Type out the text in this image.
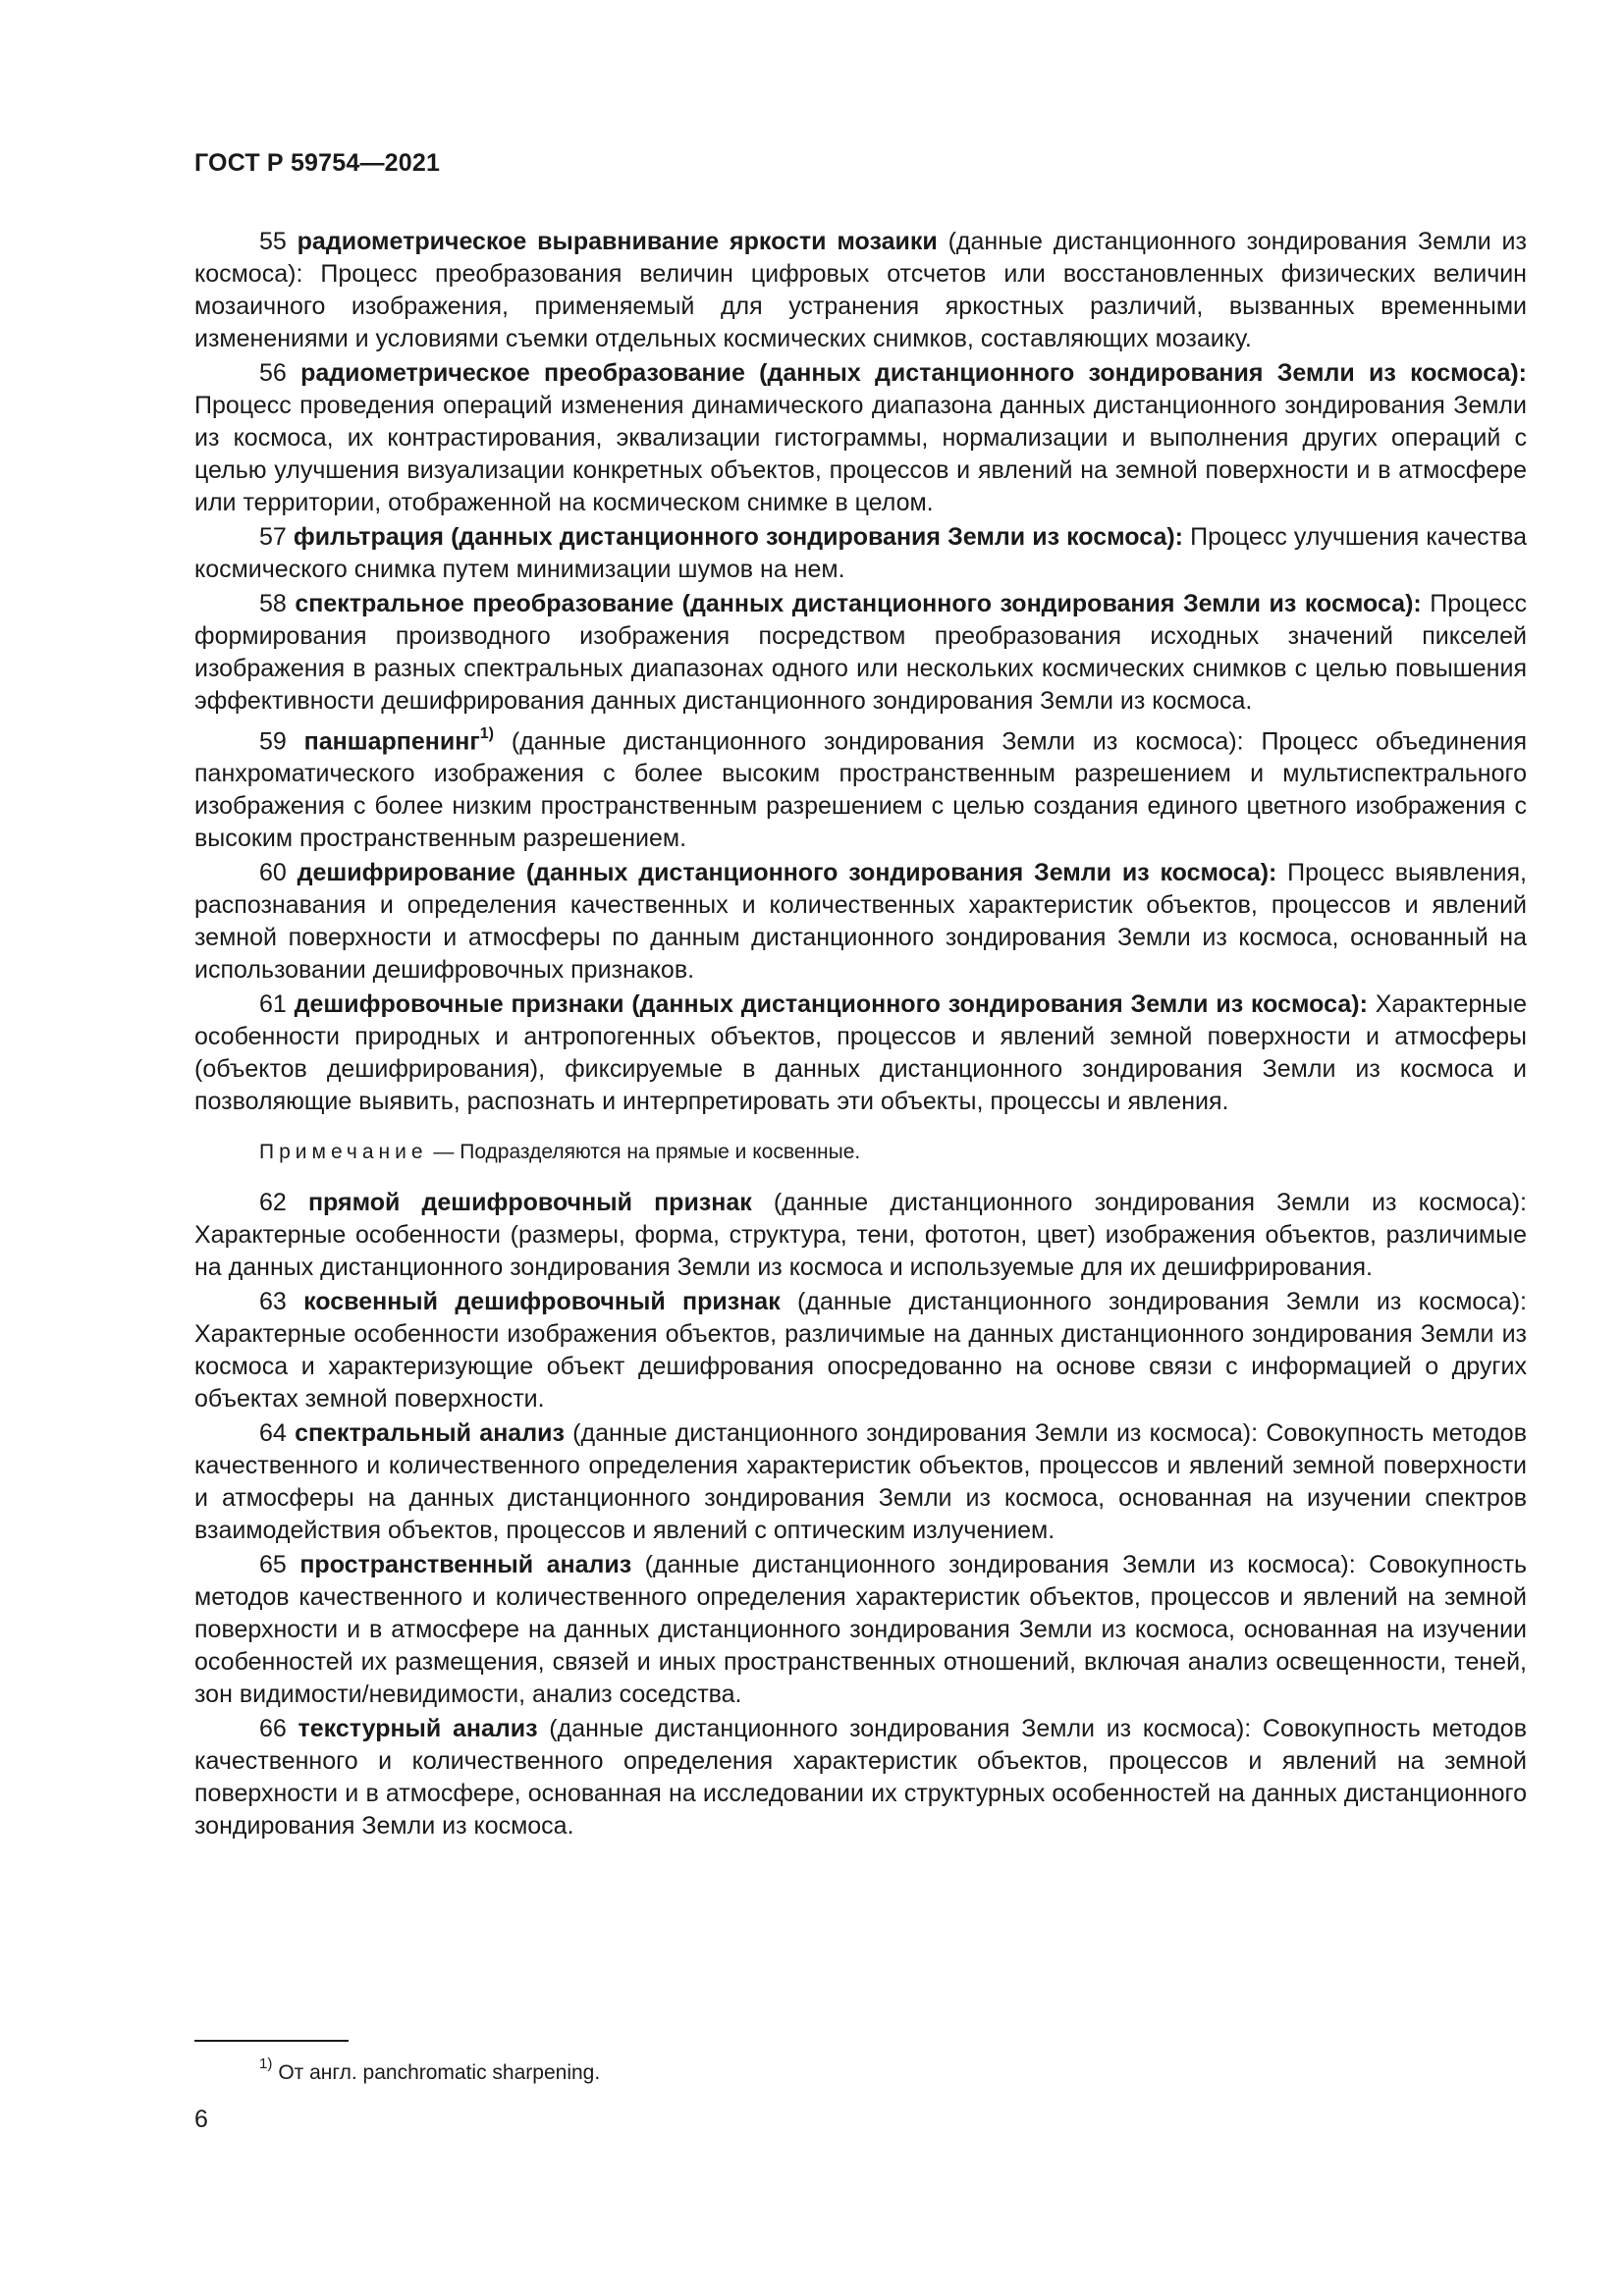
ГОСТ Р 59754—2021

55 радиометрическое выравнивание яркости мозаики (данные дистанционного зондирования Земли из космоса): Процесс преобразования величин цифровых отсчетов или восстановленных физических величин мозаичного изображения, применяемый для устранения яркостных различий, вызванных временными изменениями и условиями съемки отдельных космических снимков, составляющих мозаику.

56 радиометрическое преобразование (данных дистанционного зондирования Земли из космоса): Процесс проведения операций изменения динамического диапазона данных дистанционного зондирования Земли из космоса, их контрастирования, эквализации гистограммы, нормализации и выполнения других операций с целью улучшения визуализации конкретных объектов, процессов и явлений на земной поверхности и в атмосфере или территории, отображенной на космическом снимке в целом.

57 фильтрация (данных дистанционного зондирования Земли из космоса): Процесс улучшения качества космического снимка путем минимизации шумов на нем.

58 спектральное преобразование (данных дистанционного зондирования Земли из космоса): Процесс формирования производного изображения посредством преобразования исходных значений пикселей изображения в разных спектральных диапазонах одного или нескольких космических снимков с целью повышения эффективности дешифрирования данных дистанционного зондирования Земли из космоса.

59 паншарпенинг$^{1)}$ (данные дистанционного зондирования Земли из космоса): Процесс объединения панхроматического изображения с более высоким пространственным разрешением и мультиспектрального изображения с более низким пространственным разрешением с целью создания единого цветного изображения с высоким пространственным разрешением.

60 дешифрирование (данных дистанционного зондирования Земли из космоса): Процесс выявления, распознавания и определения качественных и количественных характеристик объектов, процессов и явлений земной поверхности и атмосферы по данным дистанционного зондирования Земли из космоса, основанный на использовании дешифровочных признаков.

61 дешифровочные признаки (данных дистанционного зондирования Земли из космоса): Характерные особенности природных и антропогенных объектов, процессов и явлений земной поверхности и атмосферы (объектов дешифрирования), фиксируемые в данных дистанционного зондирования Земли из космоса и позволяющие выявить, распознать и интерпретировать эти объекты, процессы и явления.

Примечание — Подразделяются на прямые и косвенные.

62 прямой дешифровочный признак (данные дистанционного зондирования Земли из космоса): Характерные особенности (размеры, форма, структура, тени, фототон, цвет) изображения объектов, различимые на данных дистанционного зондирования Земли из космоса и используемые для их дешифрирования.

63 косвенный дешифровочный признак (данные дистанционного зондирования Земли из космоса): Характерные особенности изображения объектов, различимые на данных дистанционного зондирования Земли из космоса и характеризующие объект дешифрования опосредованно на основе связи с информацией о других объектах земной поверхности.

64 спектральный анализ (данные дистанционного зондирования Земли из космоса): Совокупность методов качественного и количественного определения характеристик объектов, процессов и явлений земной поверхности и атмосферы на данных дистанционного зондирования Земли из космоса, основанная на изучении спектров взаимодействия объектов, процессов и явлений с оптическим излучением.

65 пространственный анализ (данные дистанционного зондирования Земли из космоса): Совокупность методов качественного и количественного определения характеристик объектов, процессов и явлений на земной поверхности и в атмосфере на данных дистанционного зондирования Земли из космоса, основанная на изучении особенностей их размещения, связей и иных пространственных отношений, включая анализ освещенности, теней, зон видимости/невидимости, анализ соседства.

66 текстурный анализ (данные дистанционного зондирования Земли из космоса): Совокупность методов качественного и количественного определения характеристик объектов, процессов и явлений на земной поверхности и в атмосфере, основанная на исследовании их структурных особенностей на данных дистанционного зондирования Земли из космоса.

$^{1)}$ От англ. panchromatic sharpening.
6
